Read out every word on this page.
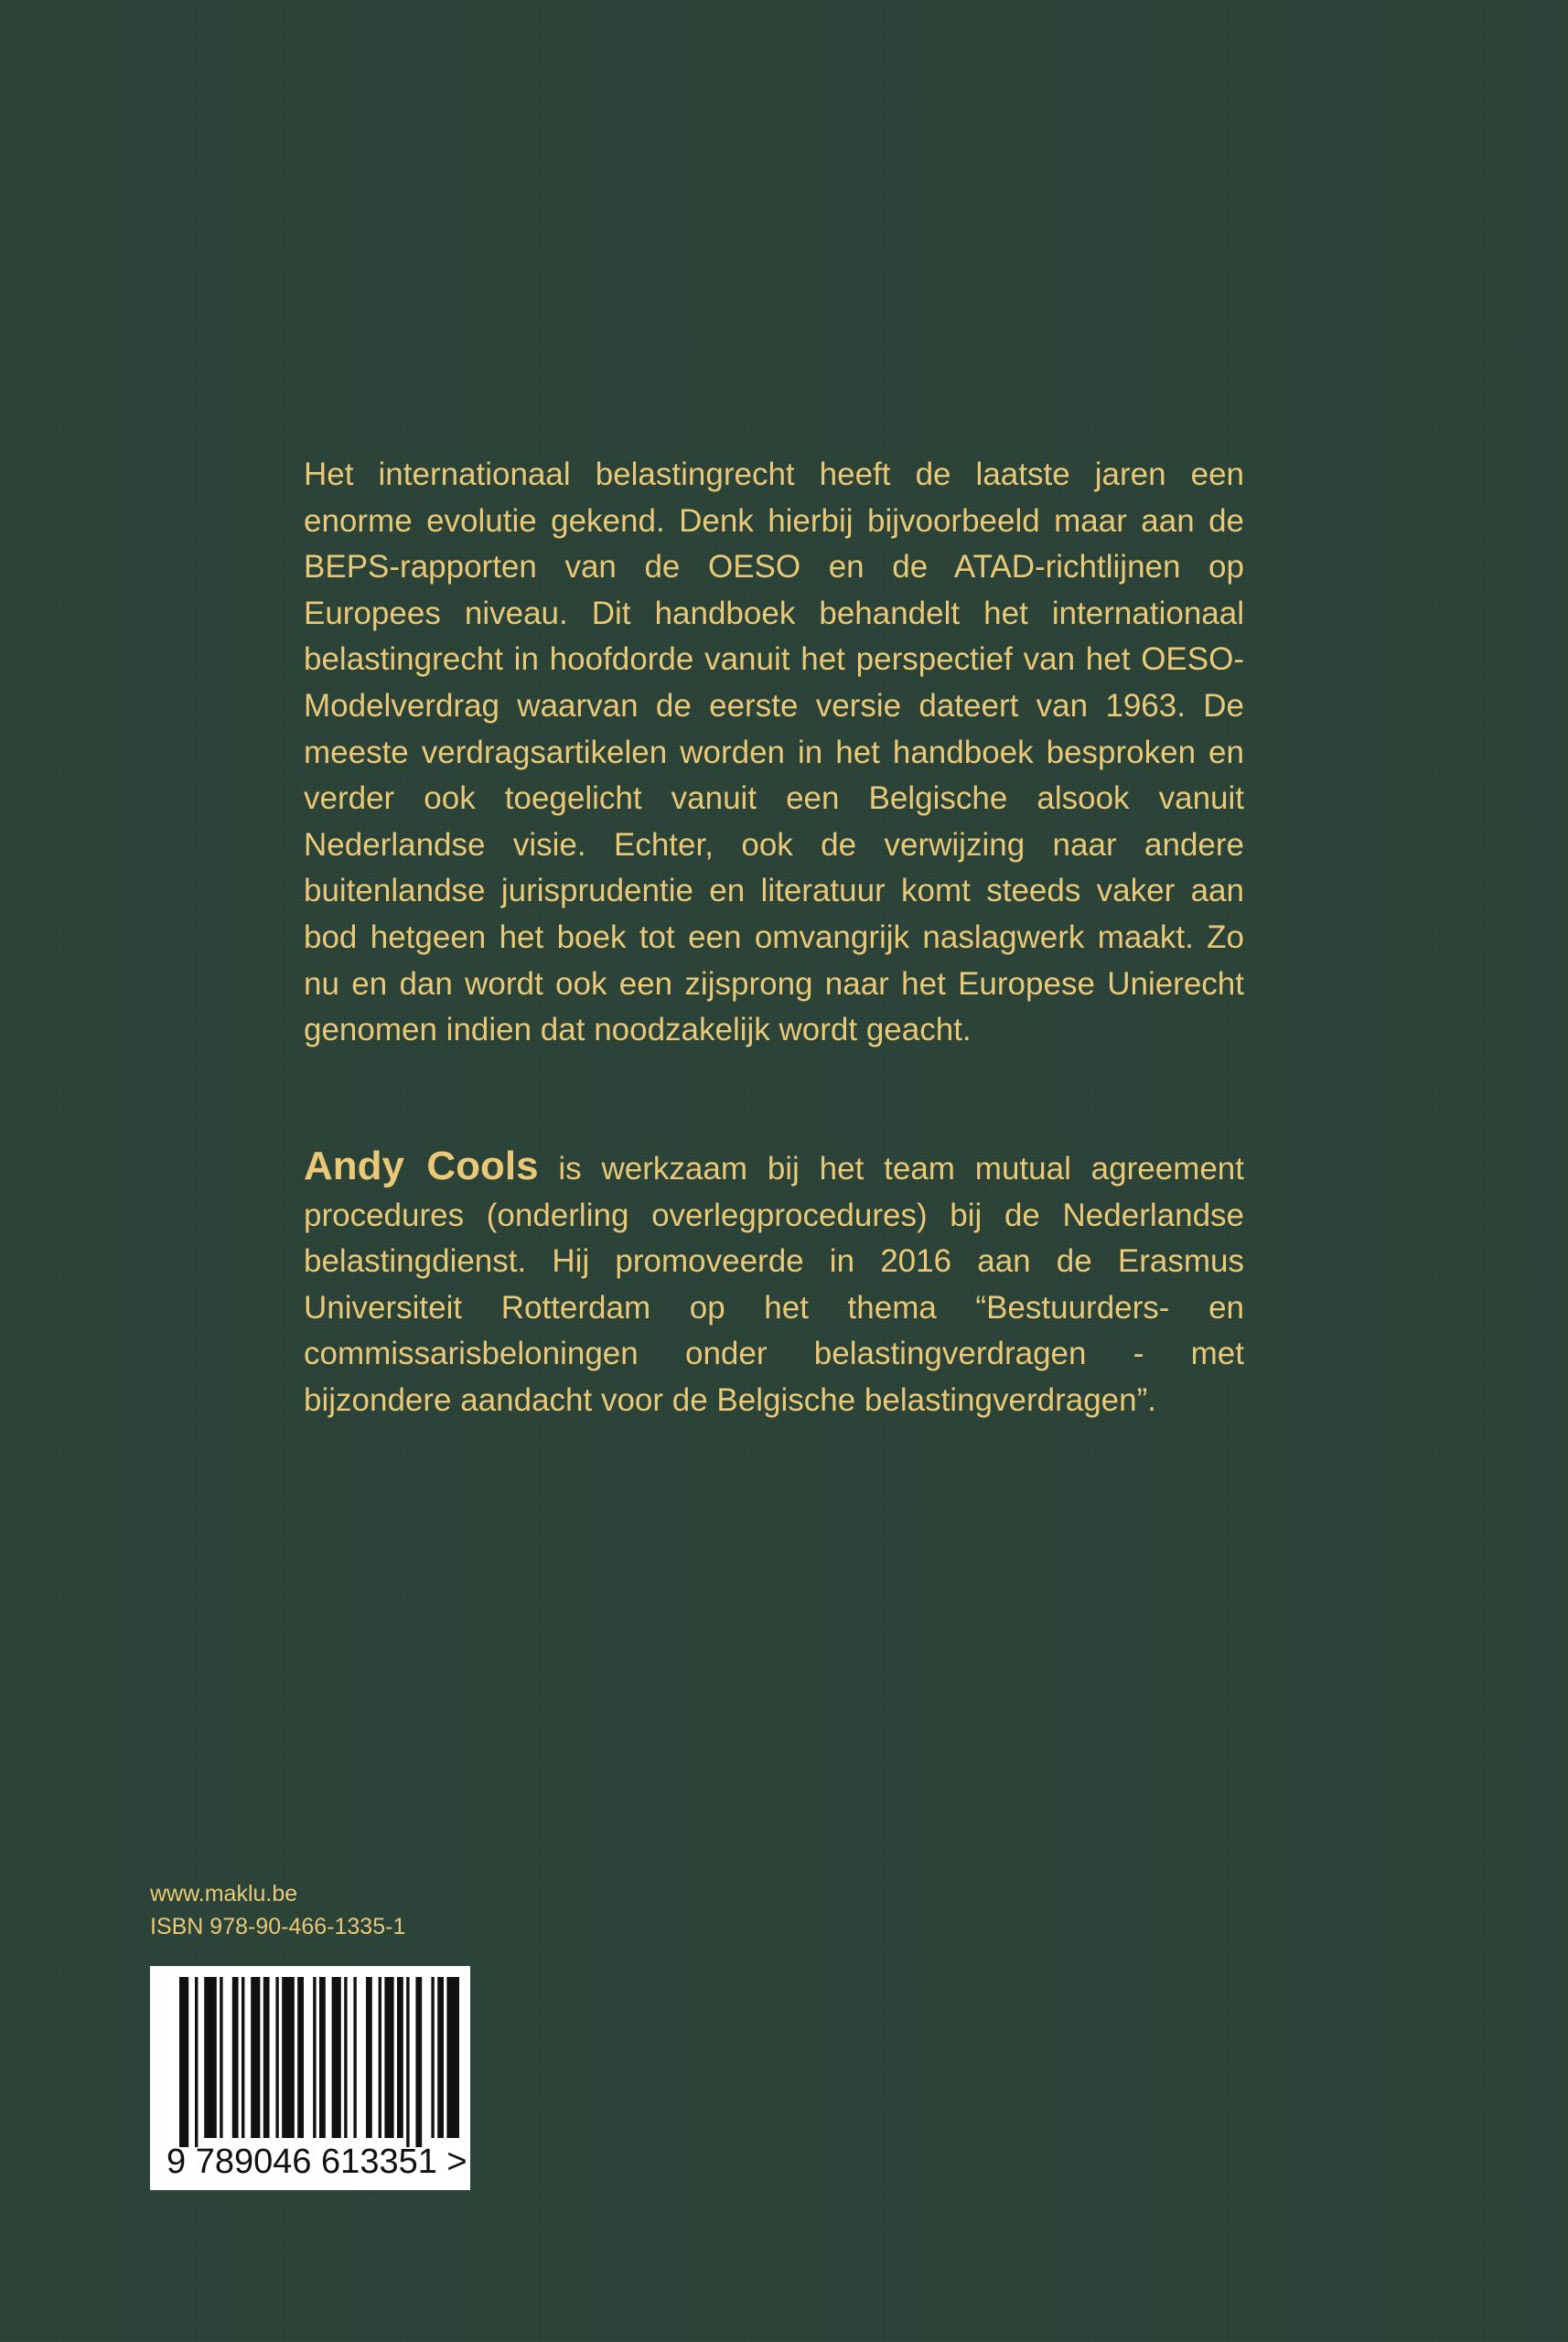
Het internationaal belastingrecht heeft de laatste jaren een enorme evolutie gekend. Denk hierbij bijvoorbeeld maar aan de BEPS-rapporten van de OESO en de ATAD-richtlijnen op Europees niveau. Dit handboek behandelt het internationaal belastingrecht in hoofdorde vanuit het perspectief van het OESO-Modelverdrag waarvan de eerste versie dateert van 1963. De meeste verdragsartikelen worden in het handboek besproken en verder ook toegelicht vanuit een Belgische alsook vanuit Nederlandse visie. Echter, ook de verwijzing naar andere buitenlandse jurisprudentie en literatuur komt steeds vaker aan bod hetgeen het boek tot een omvangrijk naslagwerk maakt. Zo nu en dan wordt ook een zijsprong naar het Europese Unierecht genomen indien dat noodzakelijk wordt geacht.

Andy Cools is werkzaam bij het team mutual agreement procedures (onderling overlegprocedures) bij de Nederlandse belastingdienst. Hij promoveerde in 2016 aan de Erasmus Universiteit Rotterdam op het thema “Bestuurders- en commissarisbeloningen onder belastingverdragen - met bijzondere aandacht voor de Belgische belastingverdragen”.

www.maklu.be
ISBN 978-90-466-1335-1
9 789046 613351 >
